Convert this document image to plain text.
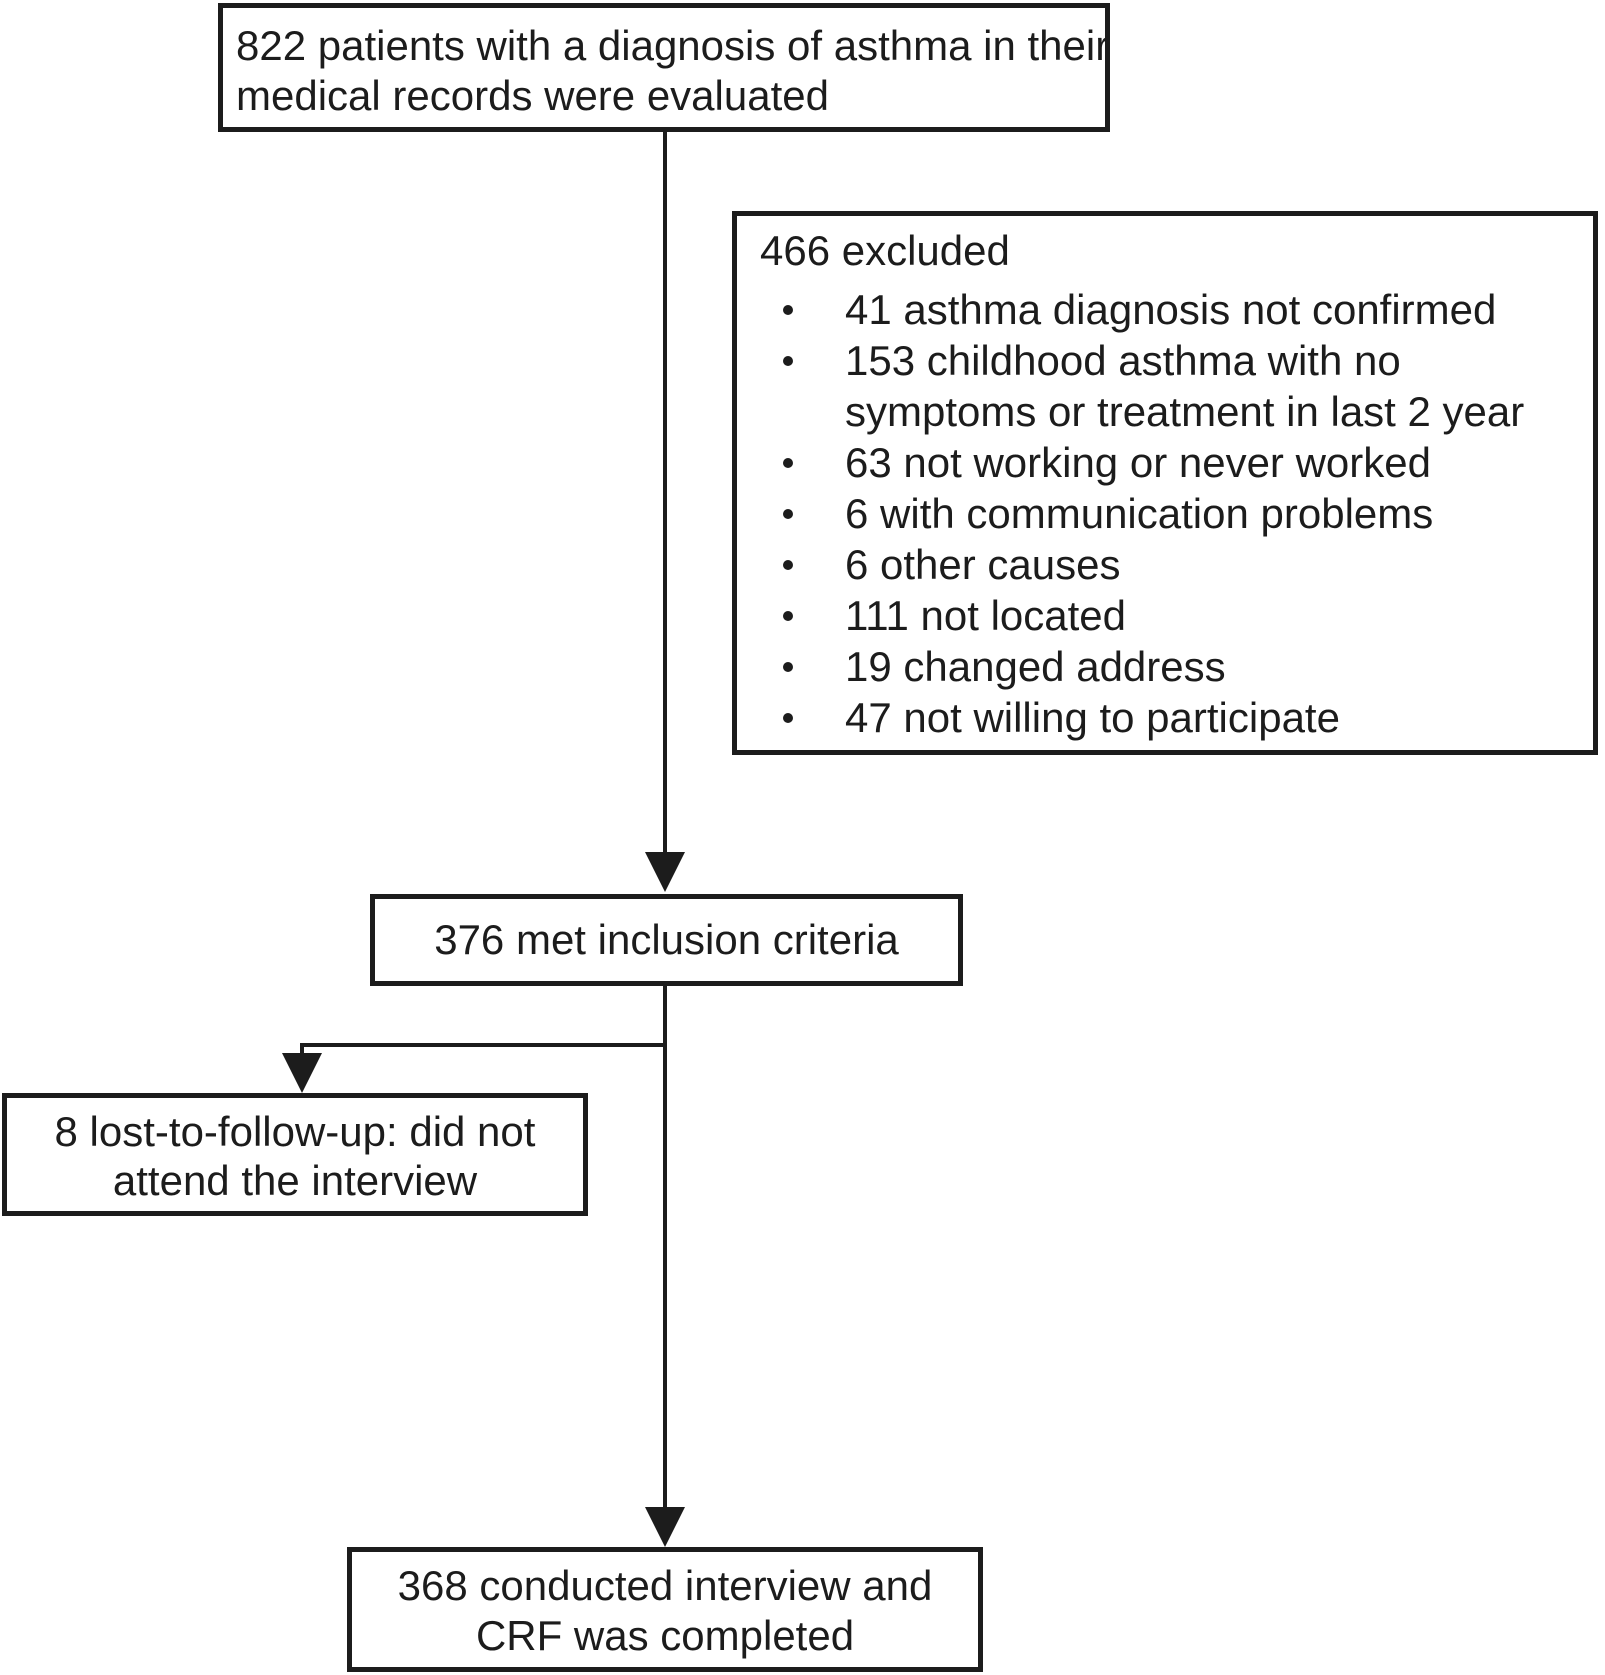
822 patients with a diagnosis of asthma in their
medical records were evaluated
466 excluded
41 asthma diagnosis not confirmed
153 childhood asthma with no symptoms or treatment in last 2 year
63 not working or never worked
6 with communication problems
6 other causes
111 not located
19 changed address
47 not willing to participate
376 met inclusion criteria
8 lost-to-follow-up: did not
attend the interview
368 conducted interview and
CRF was completed
